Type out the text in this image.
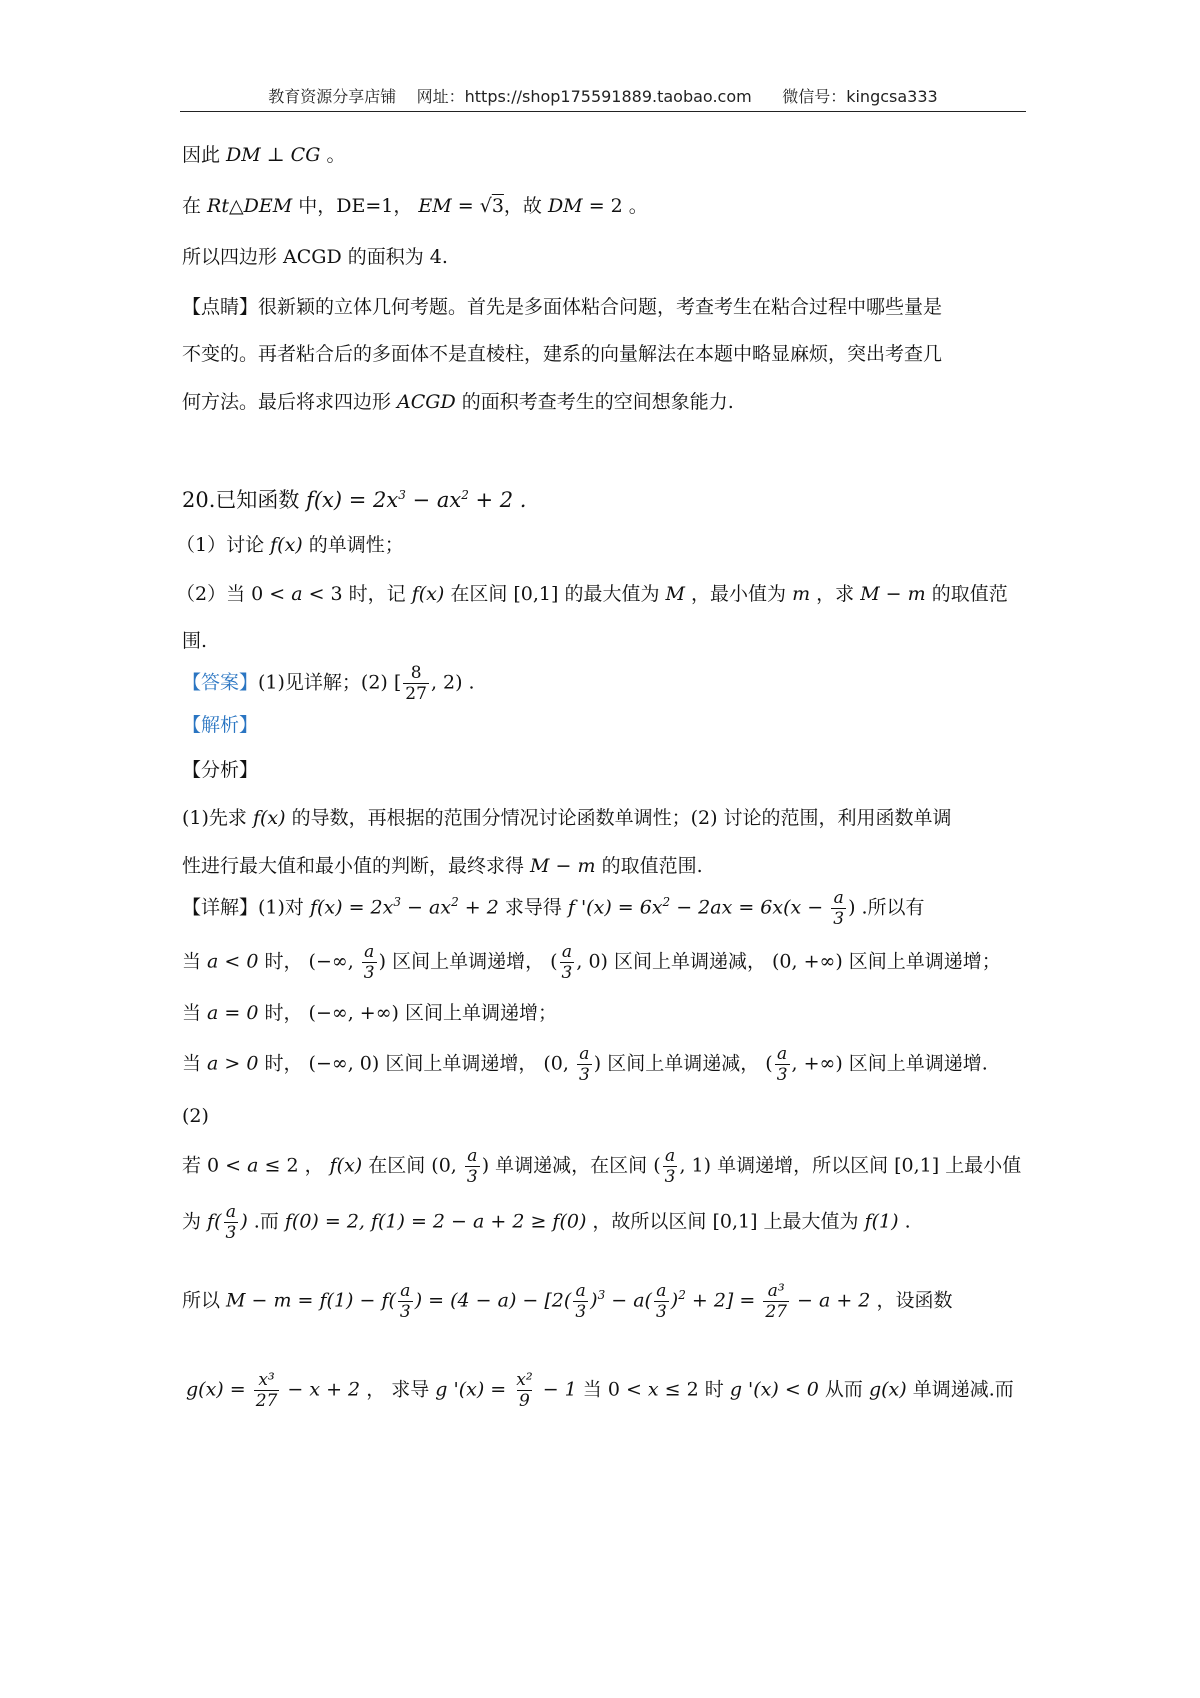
教育资源分享店铺    网址：https://shop175591889.taobao.com      微信号：kingcsa333
因此 DM ⊥ CG 。
在 Rt△DEM 中，DE=1， EM = √3，故 DM = 2 。
所以四边形 ACGD 的面积为 4.
【点睛】很新颖的立体几何考题。首先是多面体粘合问题，考查考生在粘合过程中哪些量是
不变的。再者粘合后的多面体不是直棱柱，建系的向量解法在本题中略显麻烦，突出考查几
何方法。最后将求四边形 ACGD 的面积考查考生的空间想象能力.
20.已知函数 $f(x) = 2x^3 - ax^2 + 2$ .
（1）讨论 f(x) 的单调性；
（2）当 0 < a < 3 时，记 f(x) 在区间 [0,1] 的最大值为 M ，最小值为 m ，求 M − m 的取值范
围.
【答案】(1)见详解；(2) [ $\frac{8}{27}$ , 2) .
【解析】
【分析】
(1)先求 f(x) 的导数，再根据的范围分情况讨论函数单调性；(2) 讨论的范围，利用函数单调
性进行最大值和最小值的判断，最终求得 M − m 的取值范围.
【详解】(1)对 $f(x) = 2x^3 - ax^2 + 2$ 求导得 f '$(x) = 6x^2 - 2ax = 6x(x - \frac{a}{3}$ ) .所以有
当 a < 0 时， (−∞, $\frac{a}{3}$ ) 区间上单调递增， ( $\frac{a}{3}$ , 0) 区间上单调递减， (0, +∞) 区间上单调递增；
当 a = 0 时， (−∞, +∞) 区间上单调递增；
当 a > 0 时， (−∞, 0) 区间上单调递增， (0, $\frac{a}{3}$ ) 区间上单调递减， ( $\frac{a}{3}$ , +∞) 区间上单调递增.
(2)
若 0 < a ≤ 2 ， f(x) 在区间 (0, $\frac{a}{3}$ ) 单调递减，在区间 ( $\frac{a}{3}$ , 1) 单调递增，所以区间 [0,1] 上最小值
为 $f( \frac{a}{3}$ ) .而 f(0) = 2, f(1) = 2 − a + 2 ≥ f(0) ，故所以区间 [0,1] 上最大值为 f(1) .
所以 $M - m = f(1) - f( \frac{a}{3}$ ) = $(4 - a) - [2( \frac{a}{3} )^3 - a( \frac{a}{3} )^2 + 2] = \frac{\text{a³}}{27} - a + 2$ ，设函数
$g(x) = \frac{\text{x³}}{27} - x + 2$ ， 求导 g '$(x) = \frac{\text{x²}}{9} - 1$ 当 0 < x ≤ 2 时 g '(x) < 0 从而 g(x) 单调递减.而
